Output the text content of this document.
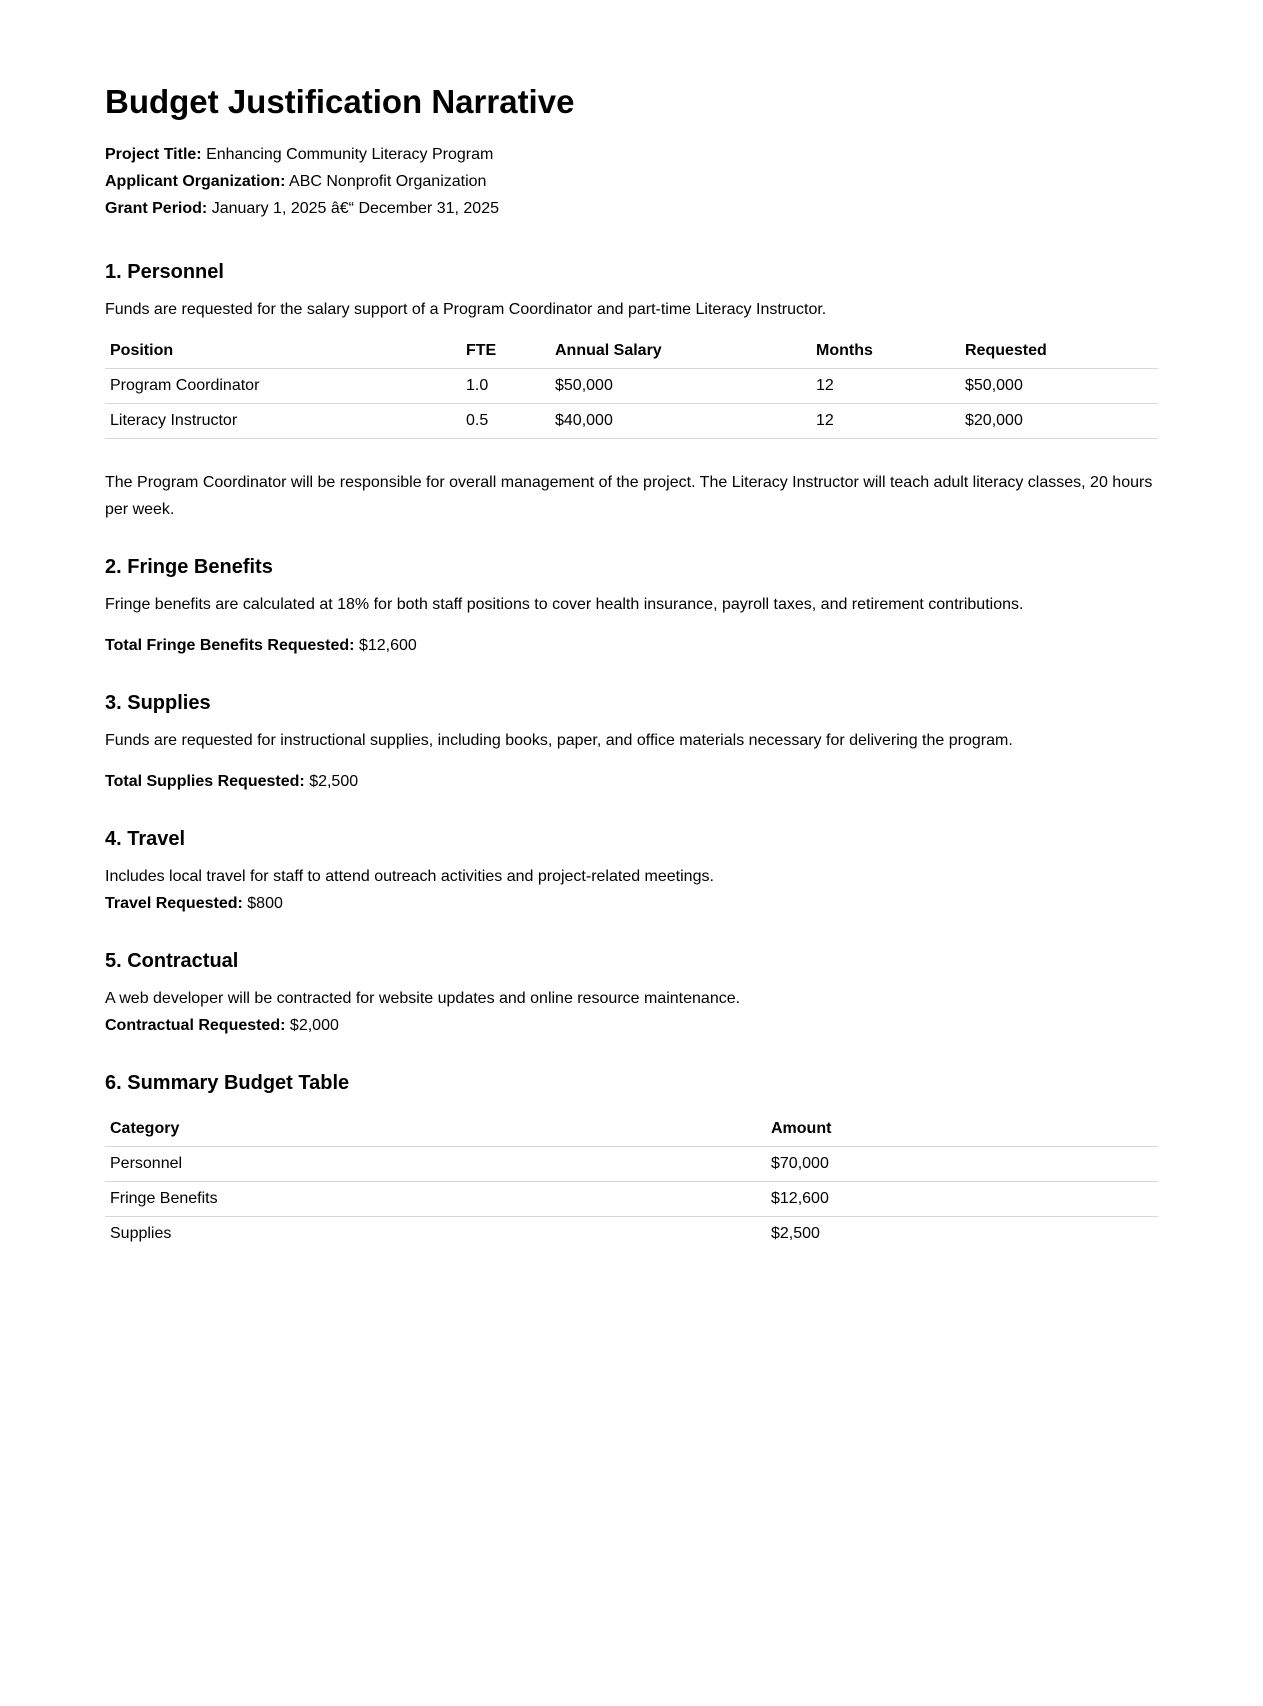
Budget Justification Narrative

Project Title: Enhancing Community Literacy Program

Applicant Organization: ABC Nonprofit Organization

Grant Period: January 1, 2025 â€“ December 31, 2025

1. Personnel

Funds are requested for the salary support of a Program Coordinator and part-time Literacy Instructor.

Position	FTE	Annual Salary	Months	Requested
Program Coordinator	1.0	$50,000	12	$50,000
Literacy Instructor	0.5	$40,000	12	$20,000

The Program Coordinator will be responsible for overall management of the project. The Literacy Instructor will teach adult literacy classes, 20 hours per week.

2. Fringe Benefits

Fringe benefits are calculated at 18% for both staff positions to cover health insurance, payroll taxes, and retirement contributions.

Total Fringe Benefits Requested: $12,600

3. Supplies

Funds are requested for instructional supplies, including books, paper, and office materials necessary for delivering the program.

Total Supplies Requested: $2,500

4. Travel

Includes local travel for staff to attend outreach activities and project-related meetings.

Travel Requested: $800

5. Contractual

A web developer will be contracted for website updates and online resource maintenance.

Contractual Requested: $2,000

6. Summary Budget Table
Category	Amount
Personnel	$70,000
Fringe Benefits	$12,600
Supplies	$2,500
